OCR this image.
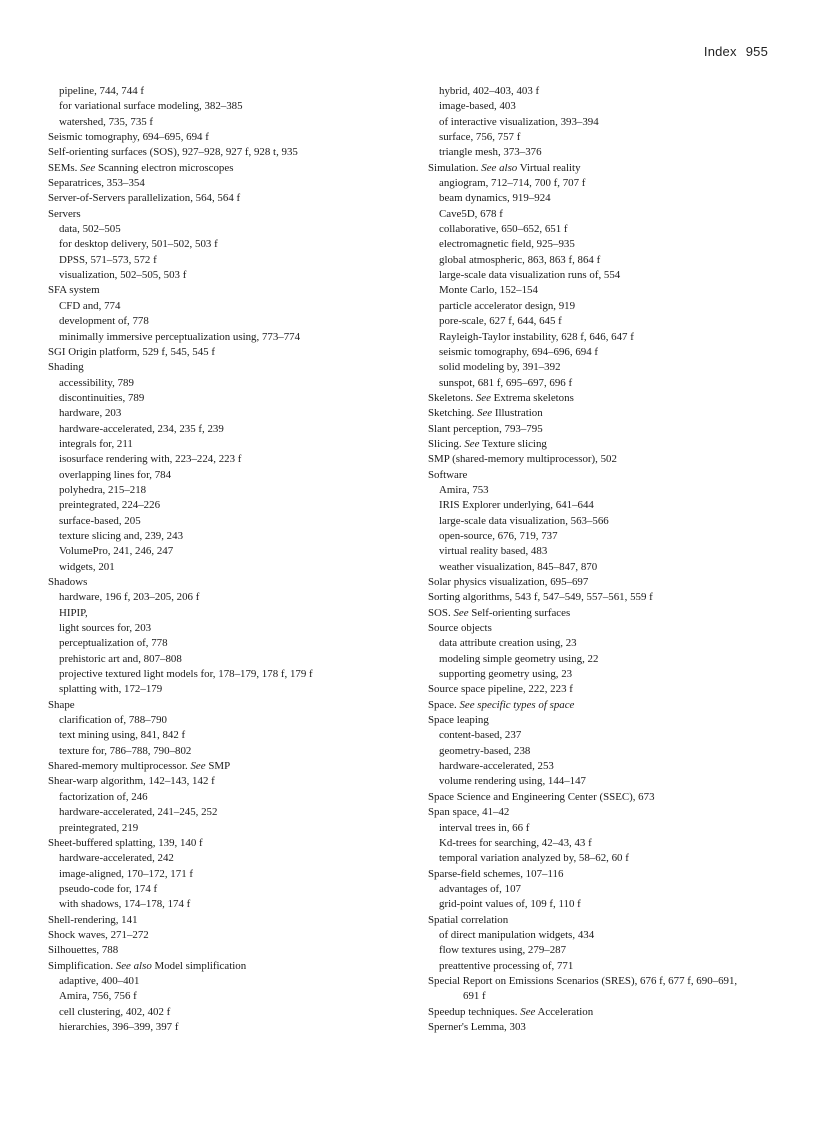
Index 955
pipeline, 744, 744 f
for variational surface modeling, 382–385
watershed, 735, 735 f
Seismic tomography, 694–695, 694 f
Self-orienting surfaces (SOS), 927–928, 927 f, 928 t, 935
SEMs. See Scanning electron microscopes
Separatrices, 353–354
Server-of-Servers parallelization, 564, 564 f
Servers
data, 502–505
for desktop delivery, 501–502, 503 f
DPSS, 571–573, 572 f
visualization, 502–505, 503 f
SFA system
CFD and, 774
development of, 778
minimally immersive perceptualization using, 773–774
SGI Origin platform, 529 f, 545, 545 f
Shading
accessibility, 789
discontinuities, 789
hardware, 203
hardware-accelerated, 234, 235 f, 239
integrals for, 211
isosurface rendering with, 223–224, 223 f
overlapping lines for, 784
polyhedra, 215–218
preintegrated, 224–226
surface-based, 205
texture slicing and, 239, 243
VolumePro, 241, 246, 247
widgets, 201
Shadows
hardware, 196 f, 203–205, 206 f
HIPIP,
light sources for, 203
perceptualization of, 778
prehistoric art and, 807–808
projective textured light models for, 178–179, 178 f, 179 f
splatting with, 172–179
Shape
clarification of, 788–790
text mining using, 841, 842 f
texture for, 786–788, 790–802
Shared-memory multiprocessor. See SMP
Shear-warp algorithm, 142–143, 142 f
factorization of, 246
hardware-accelerated, 241–245, 252
preintegrated, 219
Sheet-buffered splatting, 139, 140 f
hardware-accelerated, 242
image-aligned, 170–172, 171 f
pseudo-code for, 174 f
with shadows, 174–178, 174 f
Shell-rendering, 141
Shock waves, 271–272
Silhouettes, 788
Simplification. See also Model simplification
adaptive, 400–401
Amira, 756, 756 f
cell clustering, 402, 402 f
hierarchies, 396–399, 397 f
hybrid, 402–403, 403 f
image-based, 403
of interactive visualization, 393–394
surface, 756, 757 f
triangle mesh, 373–376
Simulation. See also Virtual reality
angiogram, 712–714, 700 f, 707 f
beam dynamics, 919–924
Cave5D, 678 f
collaborative, 650–652, 651 f
electromagnetic field, 925–935
global atmospheric, 863, 863 f, 864 f
large-scale data visualization runs of, 554
Monte Carlo, 152–154
particle accelerator design, 919
pore-scale, 627 f, 644, 645 f
Rayleigh-Taylor instability, 628 f, 646, 647 f
seismic tomography, 694–696, 694 f
solid modeling by, 391–392
sunspot, 681 f, 695–697, 696 f
Skeletons. See Extrema skeletons
Sketching. See Illustration
Slant perception, 793–795
Slicing. See Texture slicing
SMP (shared-memory multiprocessor), 502
Software
Amira, 753
IRIS Explorer underlying, 641–644
large-scale data visualization, 563–566
open-source, 676, 719, 737
virtual reality based, 483
weather visualization, 845–847, 870
Solar physics visualization, 695–697
Sorting algorithms, 543 f, 547–549, 557–561, 559 f
SOS. See Self-orienting surfaces
Source objects
data attribute creation using, 23
modeling simple geometry using, 22
supporting geometry using, 23
Source space pipeline, 222, 223 f
Space. See specific types of space
Space leaping
content-based, 237
geometry-based, 238
hardware-accelerated, 253
volume rendering using, 144–147
Space Science and Engineering Center (SSEC), 673
Span space, 41–42
interval trees in, 66 f
Kd-trees for searching, 42–43, 43 f
temporal variation analyzed by, 58–62, 60 f
Sparse-field schemes, 107–116
advantages of, 107
grid-point values of, 109 f, 110 f
Spatial correlation
of direct manipulation widgets, 434
flow textures using, 279–287
preattentive processing of, 771
Special Report on Emissions Scenarios (SRES), 676 f, 677 f, 690–691,
691 f
Speedup techniques. See Acceleration
Sperner's Lemma, 303
